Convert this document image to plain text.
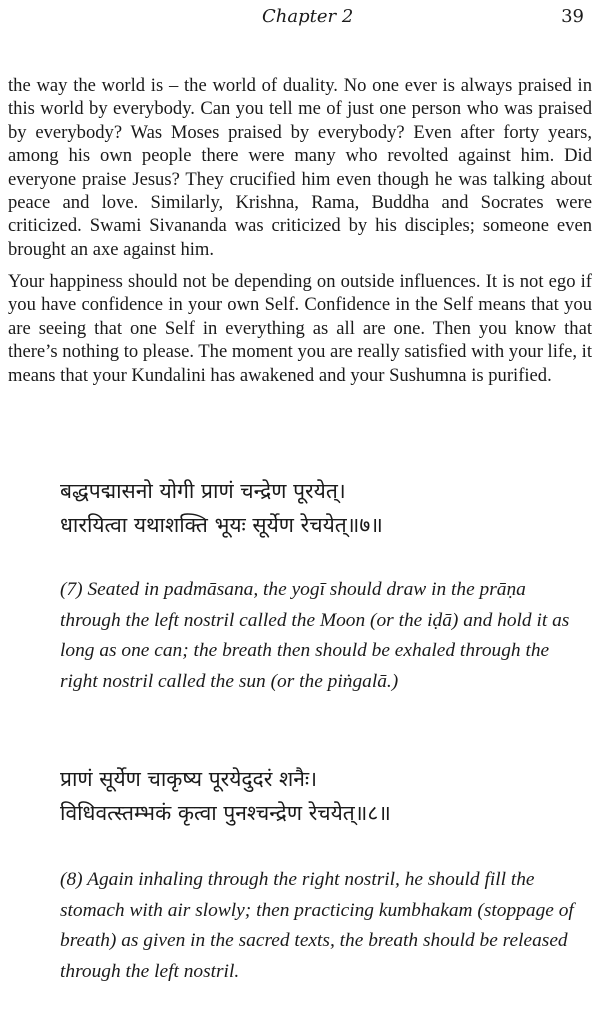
Chapter 2	39

the way the world is – the world of duality. No one ever is always praised in this world by everybody. Can you tell me of just one person who was praised by everybody? Was Moses praised by everybody? Even after forty years, among his own people there were many who revolted against him. Did everyone praise Jesus? They crucified him even though he was talking about peace and love. Similarly, Krishna, Rama, Buddha and Socrates were criticized. Swami Sivananda was criticized by his disciples; someone even brought an axe against him.

Your happiness should not be depending on outside influences. It is not ego if you have confidence in your own Self. Confidence in the Self means that you are seeing that one Self in everything as all are one. Then you know that there’s nothing to please. The moment you are really satisfied with your life, it means that your Kundalini has awakened and your Sushumna is purified.

बद्धपद्मासनो योगी प्राणं चन्द्रेण पूरयेत्।
धारयित्वा यथाशक्ति भूयः सूर्येण रेचयेत्॥७॥

(7) Seated in padmāsana, the yogī should draw in the prāṇa through the left nostril called the Moon (or the iḍā) and hold it as long as one can; the breath then should be exhaled through the right nostril called the sun (or the piṅgalā.)

प्राणं सूर्येण चाकृष्य पूरयेदुदरं शनैः।
विधिवत्स्तम्भकं कृत्वा पुनश्चन्द्रेण रेचयेत्॥८॥

(8) Again inhaling through the right nostril, he should fill the stomach with air slowly; then practicing kumbhakam (stoppage of breath) as given in the sacred texts, the breath should be released through the left nostril.
